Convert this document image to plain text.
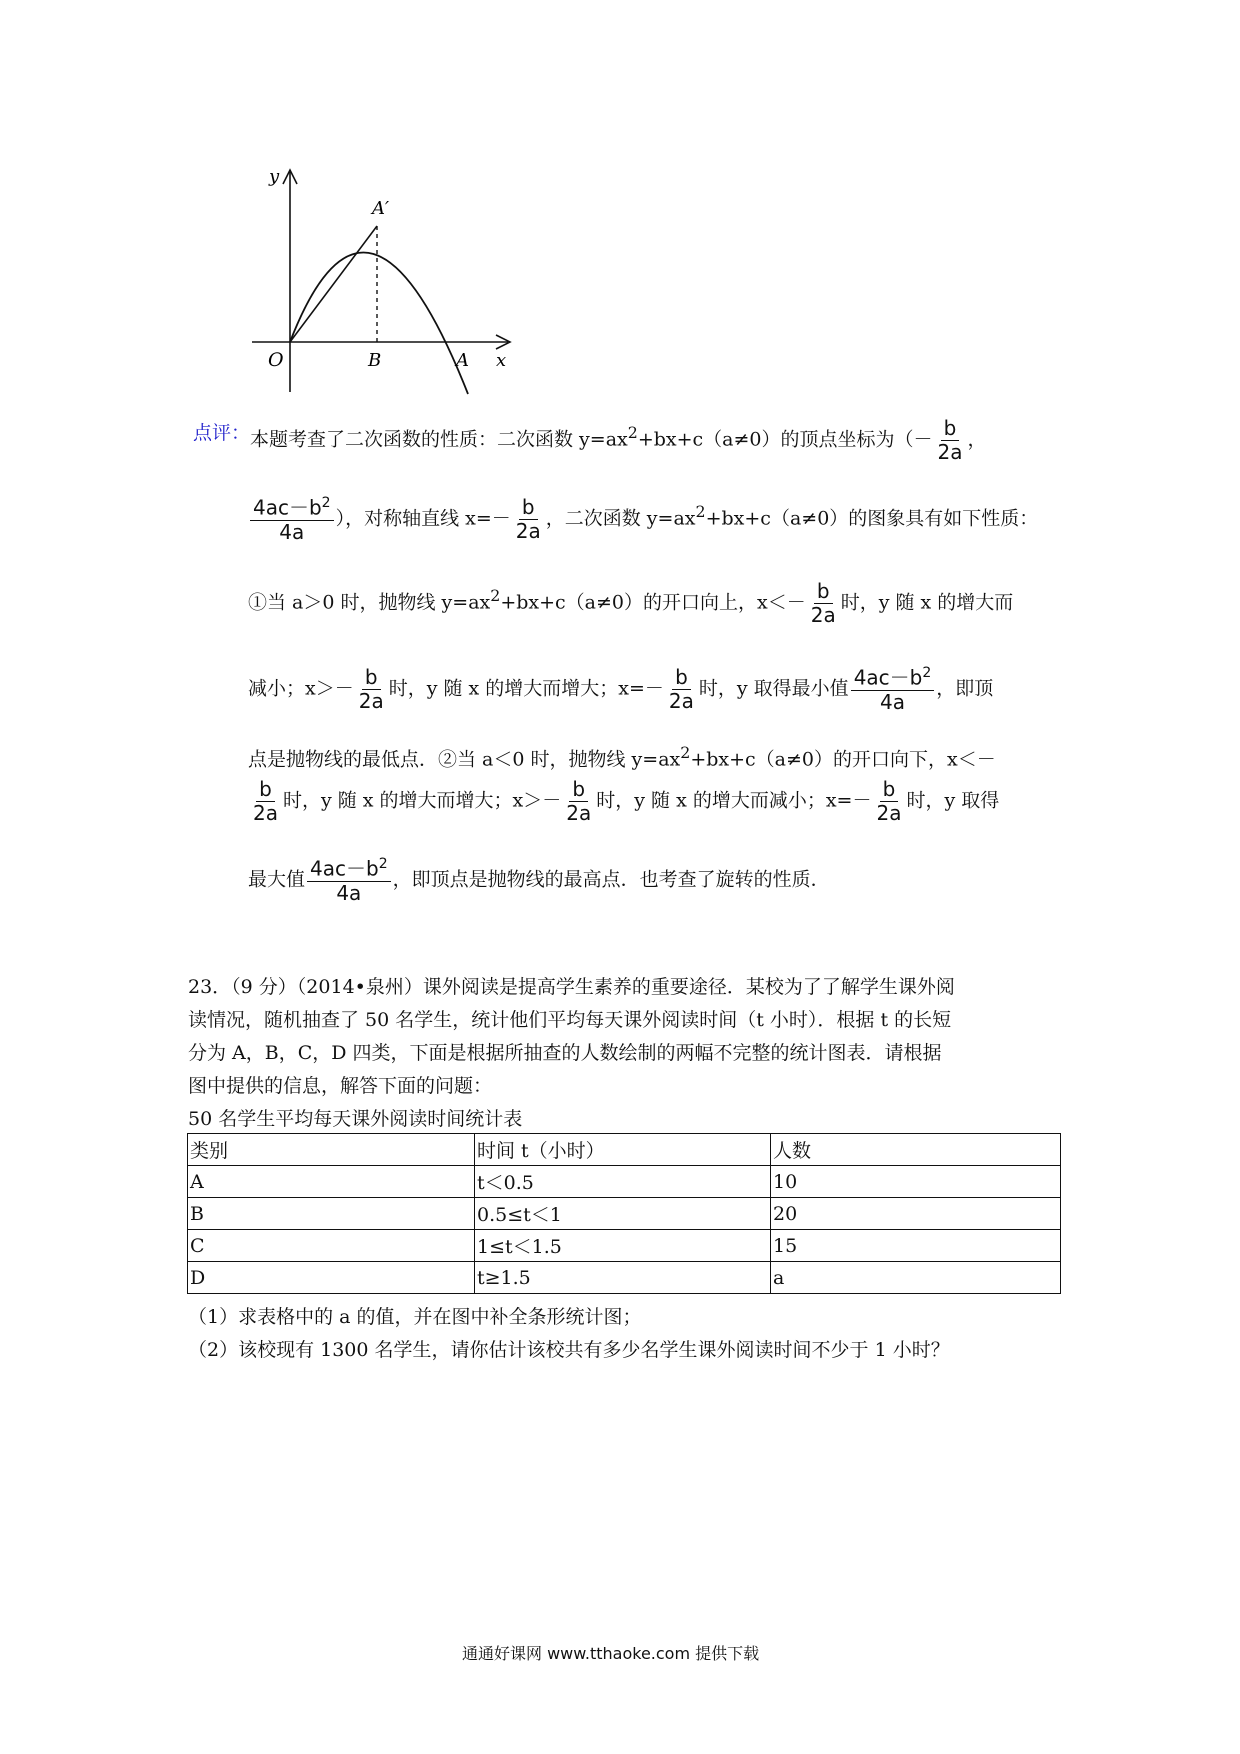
y
x
O
A′
B	A
点评： 本题考查了二次函数的性质：二次函数 $y=ax^2+bx+c(a\ne 0)$的顶点坐标为（－ $\frac{b}{2a}$ ，
$\frac{4ac-b^2}{4a}$ ），对称轴直线 $x=- \frac{b}{2a}$ ，二次函数 $y=ax^2+bx+c(a\ne 0)$的图象具有如下性质：
①当 a＞0 时，抛物线 $y=ax^2+bx+c(a\ne 0)$的开口向上，$x<- \frac{b}{2a}$ 时，y 随 x 的增大而
减小；$x>- \frac{b}{2a}$ 时，y 随 x 的增大而增大；$x=- \frac{b}{2a}$ 时，y 取得最小值 $\frac{4ac-b^2}{4a}$ ，即顶
点是抛物线的最低点．②当 a＜0 时，抛物线 $y=ax^2+bx+c(a\ne 0)$的开口向下，x＜－
$\frac{b}{2a}$ 时，y 随 x 的增大而增大；$x>- \frac{b}{2a}$ 时，y 随 x 的增大而减小；$x=- \frac{b}{2a}$ 时，y 取得
最大值 $\frac{4ac-b^2}{4a}$ ，即顶点是抛物线的最高点．也考查了旋转的性质．
23．（9 分）（2014•泉州）课外阅读是提高学生素养的重要途径．某校为了了解学生课外阅
读情况，随机抽查了 50 名学生，统计他们平均每天课外阅读时间（t 小时）．根据 t 的长短
分为 A，B，C，D 四类，下面是根据所抽查的人数绘制的两幅不完整的统计图表．请根据
图中提供的信息，解答下面的问题：
50 名学生平均每天课外阅读时间统计表
类别	时间 t（小时）	人数
A	t＜0.5	10
B	0.5≤t＜1	20
C	1≤t＜1.5	15
D	t≥1.5	a
（1）求表格中的 a 的值，并在图中补全条形统计图；
（2）该校现有 1300 名学生，请你估计该校共有多少名学生课外阅读时间不少于 1 小时？
通通好课网 www.tthaoke.com 提供下载
